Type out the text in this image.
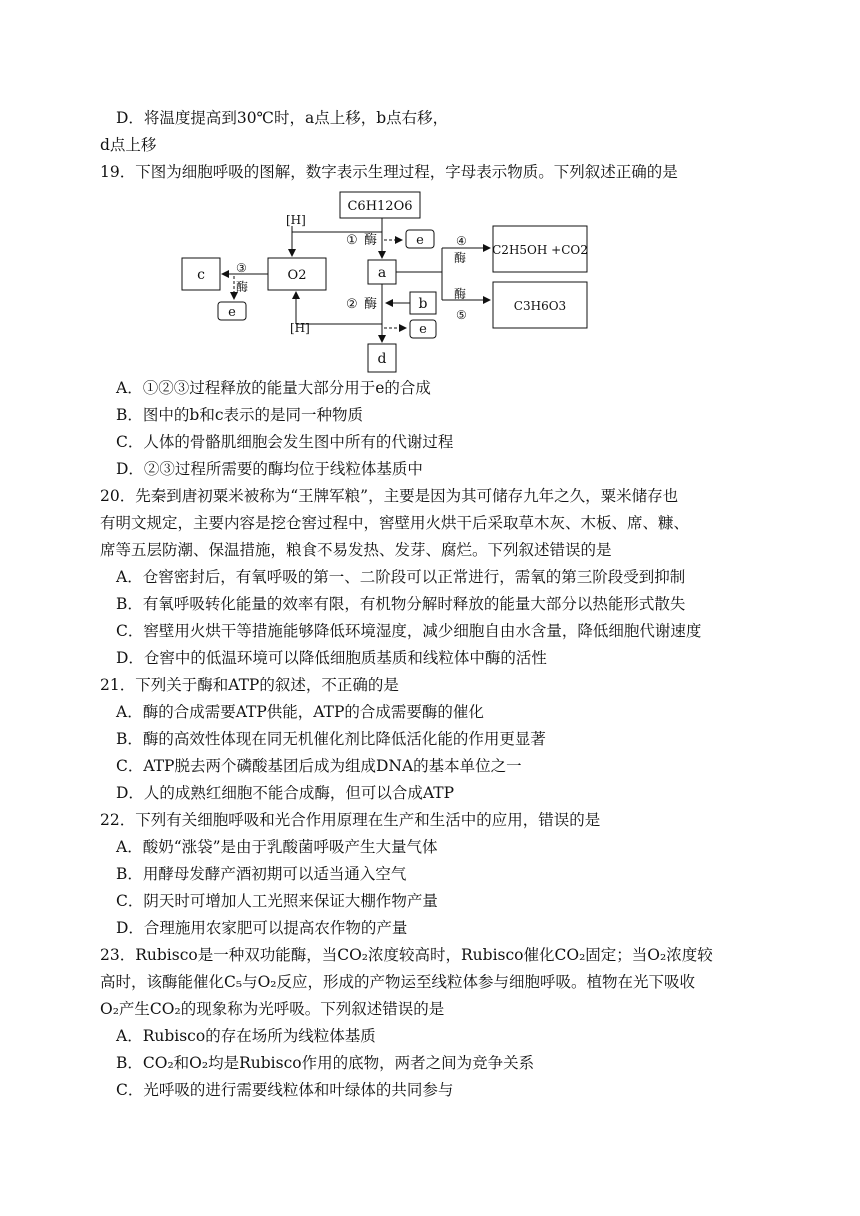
D．将温度提高到30℃时，a点上移，b点右移，
d点上移
19．下图为细胞呼吸的图解，数字表示生理过程，字母表示物质。下列叙述正确的是
C6H12O6
[H]
O2
c	a
b
d
e
e
e
① 酶
② 酶
③
酶
④
酶
酶
⑤
C2H5OH +CO2
C3H6O3
[H]
A．①②③过程释放的能量大部分用于e的合成
B．图中的b和c表示的是同一种物质
C．人体的骨骼肌细胞会发生图中所有的代谢过程
D．②③过程所需要的酶均位于线粒体基质中
20．先秦到唐初粟米被称为“王牌军粮”，主要是因为其可储存九年之久，粟米储存也
有明文规定，主要内容是挖仓窖过程中，窖壁用火烘干后采取草木灰、木板、席、糠、
席等五层防潮、保温措施，粮食不易发热、发芽、腐烂。下列叙述错误的是
A．仓窖密封后，有氧呼吸的第一、二阶段可以正常进行，需氧的第三阶段受到抑制
B．有氧呼吸转化能量的效率有限，有机物分解时释放的能量大部分以热能形式散失
C．窖壁用火烘干等措施能够降低环境湿度，减少细胞自由水含量，降低细胞代谢速度
D．仓窖中的低温环境可以降低细胞质基质和线粒体中酶的活性
21．下列关于酶和ATP的叙述，不正确的是
A．酶的合成需要ATP供能，ATP的合成需要酶的催化
B．酶的高效性体现在同无机催化剂比降低活化能的作用更显著
C．ATP脱去两个磷酸基团后成为组成DNA的基本单位之一
D．人的成熟红细胞不能合成酶，但可以合成ATP
22．下列有关细胞呼吸和光合作用原理在生产和生活中的应用，错误的是
A．酸奶“涨袋”是由于乳酸菌呼吸产生大量气体
B．用酵母发酵产酒初期可以适当通入空气
C．阴天时可增加人工光照来保证大棚作物产量
D．合理施用农家肥可以提高农作物的产量
23．Rubisco是一种双功能酶，当CO₂浓度较高时，Rubisco催化CO₂固定；当O₂浓度较
高时，该酶能催化C₅与O₂反应，形成的产物运至线粒体参与细胞呼吸。植物在光下吸收
O₂产生CO₂的现象称为光呼吸。下列叙述错误的是
A．Rubisco的存在场所为线粒体基质
B．CO₂和O₂均是Rubisco作用的底物，两者之间为竞争关系
C．光呼吸的进行需要线粒体和叶绿体的共同参与
